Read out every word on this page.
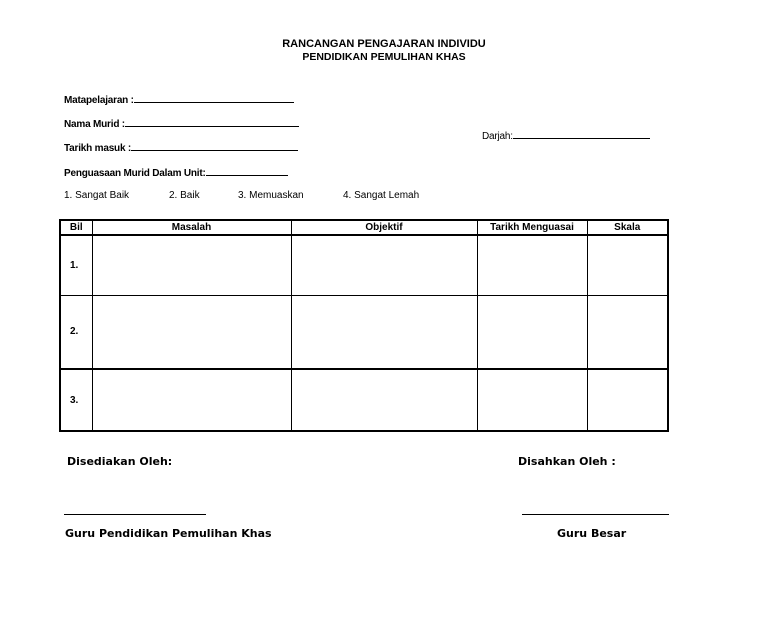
RANCANGAN PENGAJARAN INDIVIDU
PENDIDIKAN PEMULIHAN KHAS
Matapelajaran :
Nama Murid :
Tarikh masuk :
Darjah:
Penguasaan Murid Dalam Unit:
1. Sangat Baik	2. Baik	3. Memuaskan	4. Sangat Lemah
Bil	Masalah	Objektif	Tarikh Menguasai	Skala
1.				
2.				
3.				
Disediakan Oleh:	Disahkan Oleh :
Guru Pendidikan Pemulihan Khas	Guru Besar
